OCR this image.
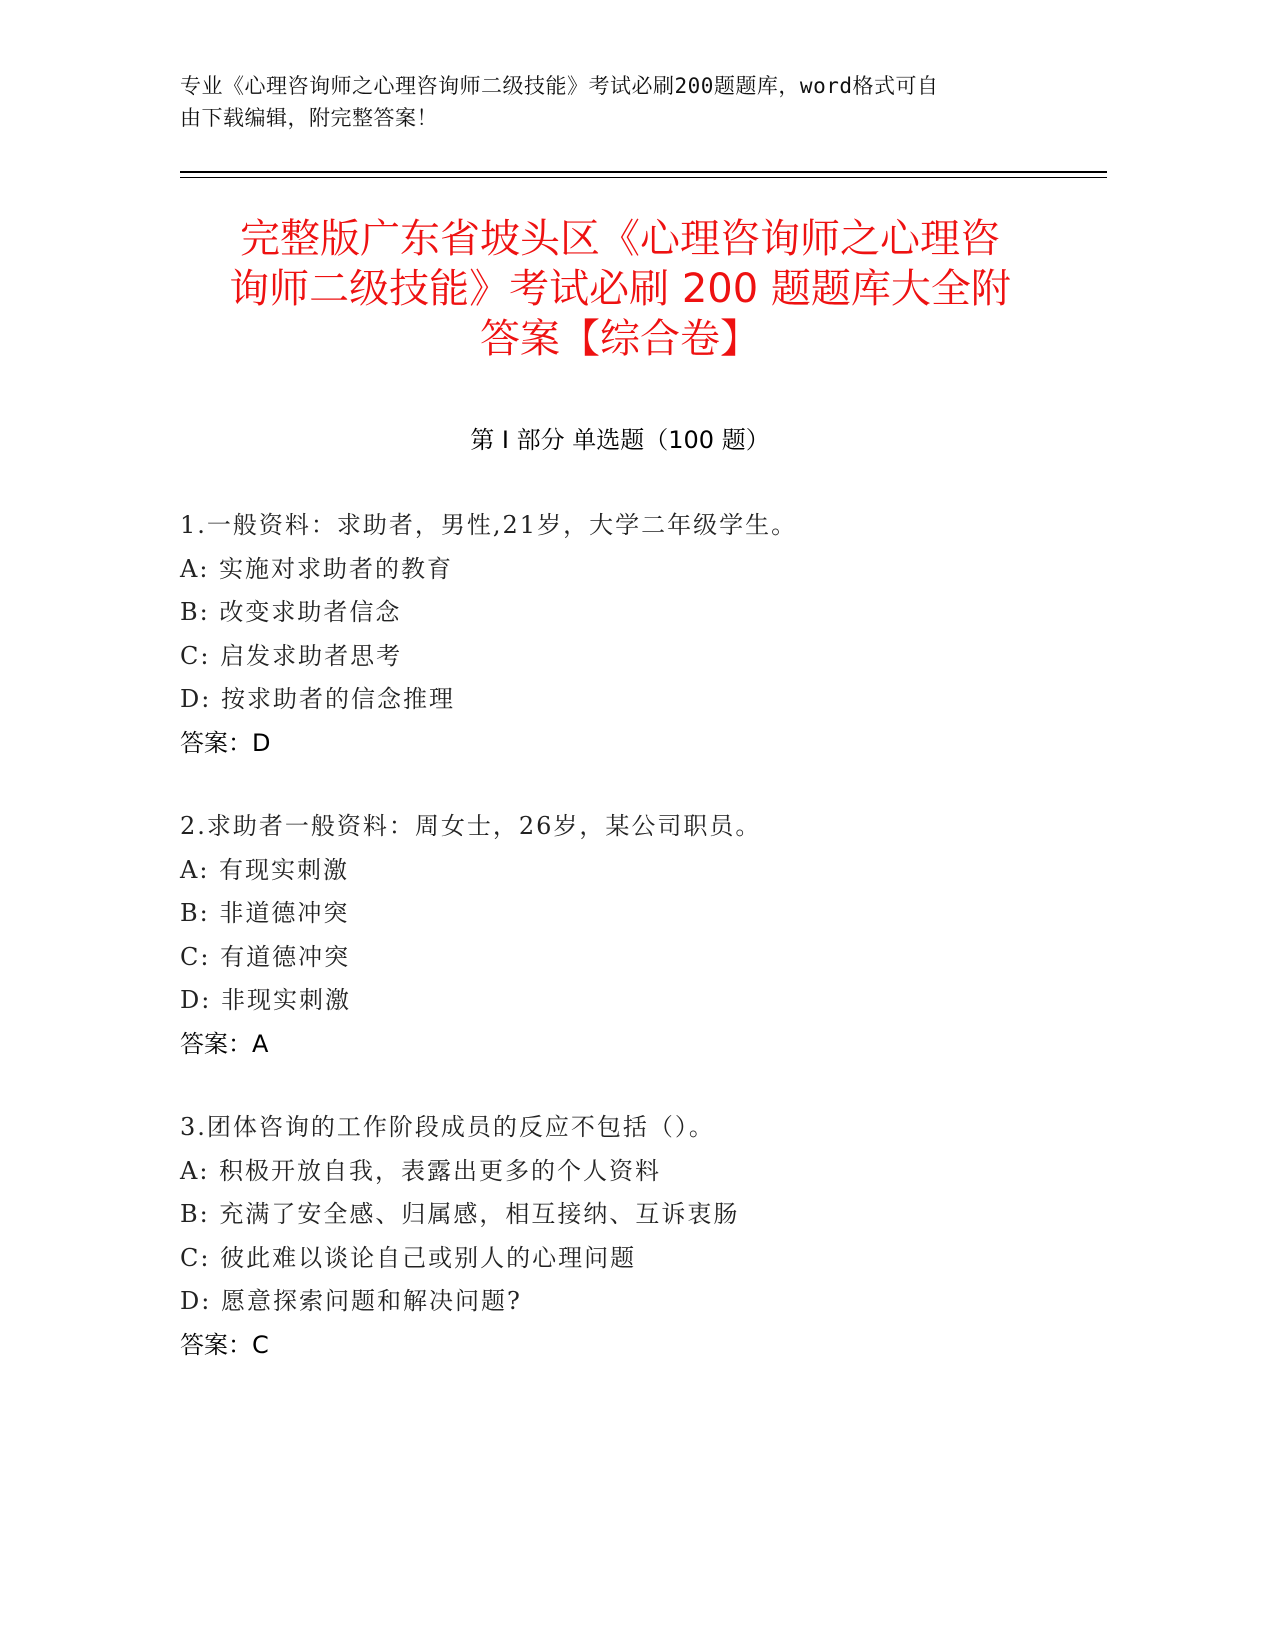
专业《心理咨询师之心理咨询师二级技能》考试必刷200题题库，word格式可自
由下载编辑，附完整答案！
完整版广东省坡头区《心理咨询师之心理咨
询师二级技能》考试必刷 200 题题库大全附
答案【综合卷】
第 I 部分 单选题（100 题）
1.一般资料：求助者，男性,21岁，大学二年级学生。
A: 实施对求助者的教育
B: 改变求助者信念
C: 启发求助者思考
D: 按求助者的信念推理
答案：D
2.求助者一般资料：周女士，26岁，某公司职员。
A: 有现实刺激
B: 非道德冲突
C: 有道德冲突
D: 非现实刺激
答案：A
3.团体咨询的工作阶段成员的反应不包括（）。
A: 积极开放自我，表露出更多的个人资料
B: 充满了安全感、归属感，相互接纳、互诉衷肠
C: 彼此难以谈论自己或别人的心理问题
D: 愿意探索问题和解决问题?
答案：C
